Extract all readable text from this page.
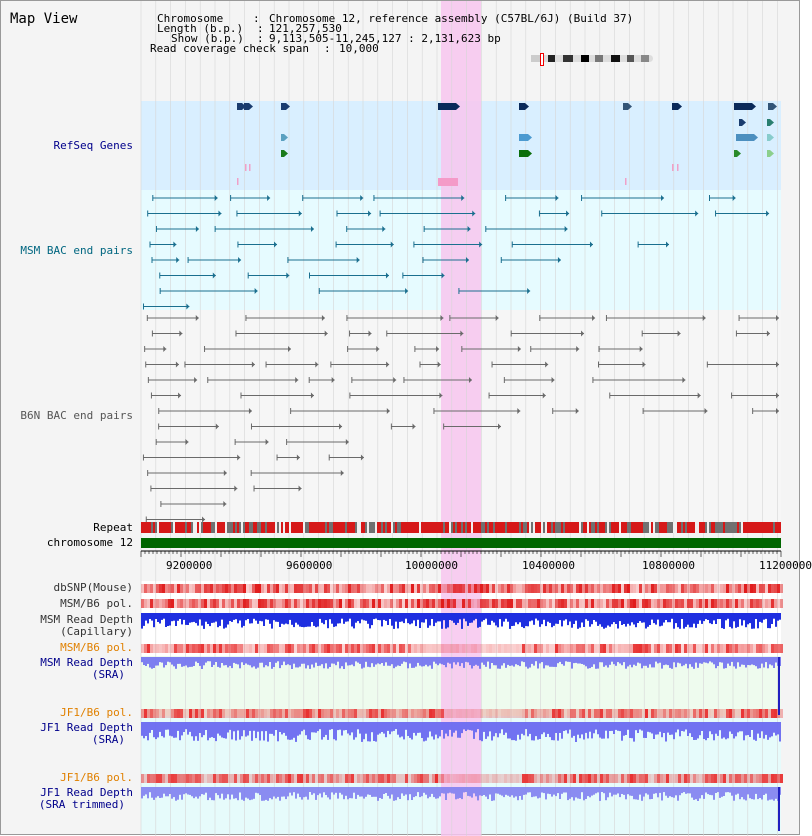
Map View	Chromosome	: Chromosome 12, reference assembly (C57BL/6J) (Build 37)
Length (b.p.) :
121,257,530
Show (b.p.) :
9,113,505-11,245,127 : 2,131,623 bp
Read coverage check span : 10,000
RefSeq Genes
MSM BAC end pairs
B6N BAC end pairs
Repeat
chromosome 12
dbSNP(Mouse)
MSM/B6 pol.
MSM Read Depth
(Capillary)
MSM/B6 pol.
MSM Read Depth
(SRA)
JF1/B6 pol.
JF1 Read Depth
(SRA)
JF1/B6 pol.
JF1 Read Depth
(SRA trimmed)
9200000	9600000	10000000	10400000	10800000	11200000
